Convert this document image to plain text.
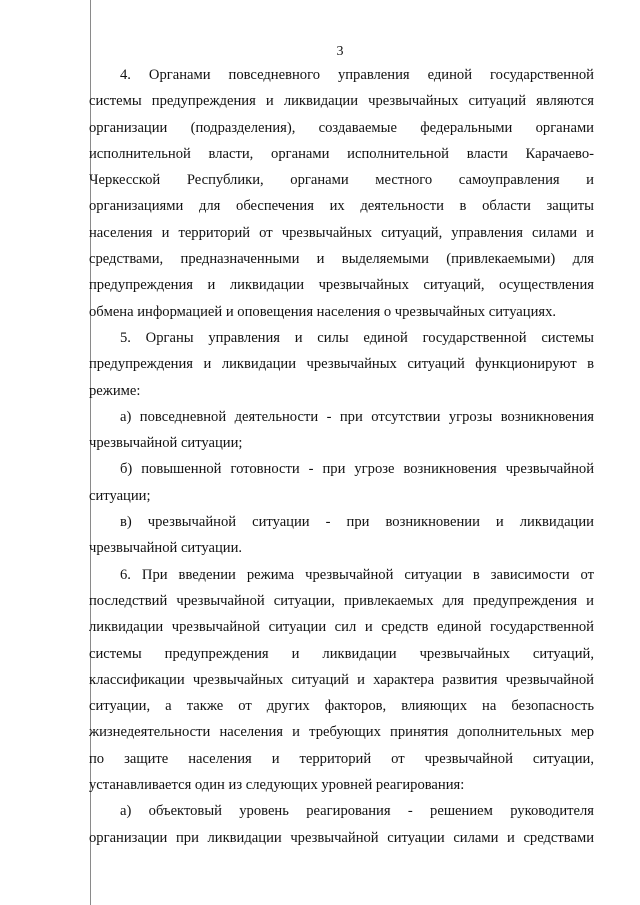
3
4. Органами повседневного управления единой государственной
системы предупреждения и ликвидации чрезвычайных ситуаций являются
организации (подразделения), создаваемые федеральными органами
исполнительной власти, органами исполнительной власти Карачаево-
Черкесской Республики, органами местного самоуправления и
организациями для обеспечения их деятельности в области защиты
населения и территорий от чрезвычайных ситуаций, управления силами и
средствами, предназначенными и выделяемыми (привлекаемыми) для
предупреждения и ликвидации чрезвычайных ситуаций, осуществления
обмена информацией и оповещения населения о чрезвычайных ситуациях.
5. Органы управления и силы единой государственной системы
предупреждения и ликвидации чрезвычайных ситуаций функционируют в
режиме:
а) повседневной деятельности - при отсутствии угрозы возникновения
чрезвычайной ситуации;
б) повышенной готовности - при угрозе возникновения чрезвычайной
ситуации;
в) чрезвычайной ситуации - при возникновении и ликвидации
чрезвычайной ситуации.
6. При введении режима чрезвычайной ситуации в зависимости от
последствий чрезвычайной ситуации, привлекаемых для предупреждения и
ликвидации чрезвычайной ситуации сил и средств единой государственной
системы предупреждения и ликвидации чрезвычайных ситуаций,
классификации чрезвычайных ситуаций и характера развития чрезвычайной
ситуации, а также от других факторов, влияющих на безопасность
жизнедеятельности населения и требующих принятия дополнительных мер
по защите населения и территорий от чрезвычайной ситуации,
устанавливается один из следующих уровней реагирования:
а) объектовый уровень реагирования - решением руководителя
организации при ликвидации чрезвычайной ситуации силами и средствами
